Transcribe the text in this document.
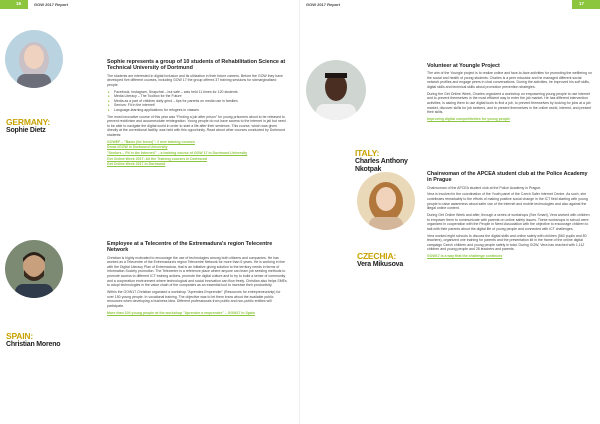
16	GOW 2017 Report	GOW 2017 Report	17
GERMANY:
Sophie Dietz
Sophie represents a group of 10 students of Rehabilitation Science at Technical University of Dortmund
The students are interested in digital inclusion and its utilization in their future careers. Before the GOW they have developed five different courses, including GOW 17 the group offered 37 training sessions for sixmarginalised people.
▸ Facebook, Instagram, Snapchat – but safe – was held 11 times for 120 students
▸ Media Literacy – The Toolbox for the Future
▸ Media as a part of children daily grind – tips for parents on media use in families
▸ Seniors: Fit in the internet!
▸ Language-learning-applications for refugees in classes
The most innovative course of this year was "Finding a job after prison" for young prisoners about to be released to prevent recidivism and accommodate reintegration. Young people do not have access to the internet in jail but need to be able to navigate the digital world in order to start a life after their sentence. This course, which was given directly at the correctional facility, was held with this opportunity. Read about other courses conducted by Dortmund students:
GOWEF – "Basis (for teens)": 2 new training courses
Great #GOW in Dortmund University
"Seniors – Fit in the Internet!" – a training course of GOW 17 in Dortmund University
Get Online Week 2017: All the Training courses in Dortmund
Get Online Week 2017 in Dortmund
SPAIN:
Christian Moreno
Employee at a Telecentre of the Extremadura's region Telecentre Network
Christian is highly motivated to encourage the use of technologies among both citizens and companies. He has worked as a Telecentre of the Extremadura's region Telecentre Network for more than 6 years. He is working in line with the Digital Literacy Plan of Extremadura, that is an initiative giving solution to the territory needs in terms of Information Society promotion. The Telecentre is a reference place where anyone can learn job seeking methods to promote access to different ICT training actions, promote the digital culture and to try to build a sense of community and a cooperation environment where technological and social innovation can flow freely. Christian also helps SMEs to adopt technologies in the value chain of the companies as an essential tool to increase their productivity.
Within the GOW17 Christian organised a workshop "Aprendes Emprender" (Resources for entrepreneurship) for over 150 young people. In vocational training. The objective was to let them know about the available public resources when developing a business idea. Different professionals from public and non-public entities will participate.
More than 100 young people at the workshop "Aprender a emprender" – GOW17 in Spain
ITALY:
Charles Anthony Nkotpak
Volunteer at Youngle Project
The aim of the Youngle project is to realize online and face-to-face activities for promoting the wellbeing on the social and health of young students. Charles is a peer educator and he managed different social network profiles and engage peers in chat conversations. During the activities, he improved his soft skills, digital skills and technical skills about promotion prevention strategies.
During the Get Online Week, Charles organized a workshop on empowering young people to use internet and to prevent themselves in the most efficient way to enter the job market. He has different intervention activities, is asking them to use digital tools to find a job, to prevent themselves by looking for jobs at a job market, discover skills for job seekers, and to present themselves in the online world, interest, and present their skills.
Improving digital competitivities for young people
CZECHIA:
Vera Mikusova
Chairwoman of the APCEA student club at the Police Academy in Prague
Chairwoman of the APCEA student club at the Police Academy in Prague.
Vera is involved in the coordination of the Youth panel of the Czech Safer Internet Centre. As such, she contributes remarkably to the efforts of making positive social change in the ICT field starting with young people to raise awareness about safer use of the internet and mobile technologies and also against the illegal online content.
During Get Online Week and after, through a series of workshops (Sex Smart), Vera worked with children to empower them to communicate with parents on online safety issues. These workshops in school were organized in cooperation with the People in Need Association with the objective to encourage children to talk with their parents about the digital life of young people and connected with ICT challenges.
Vera worked eight schools to discuss the digital skills and online safety with children (560 pupils and 80 teachers), organized one training for parents and the presentation kit in the frame of the online digital campaign Czech children and young people safely in total. During GOW, Vera has reached with 1,112 children and young people and 28 teachers and parents.
GOW17 is a way that the challenge continues
